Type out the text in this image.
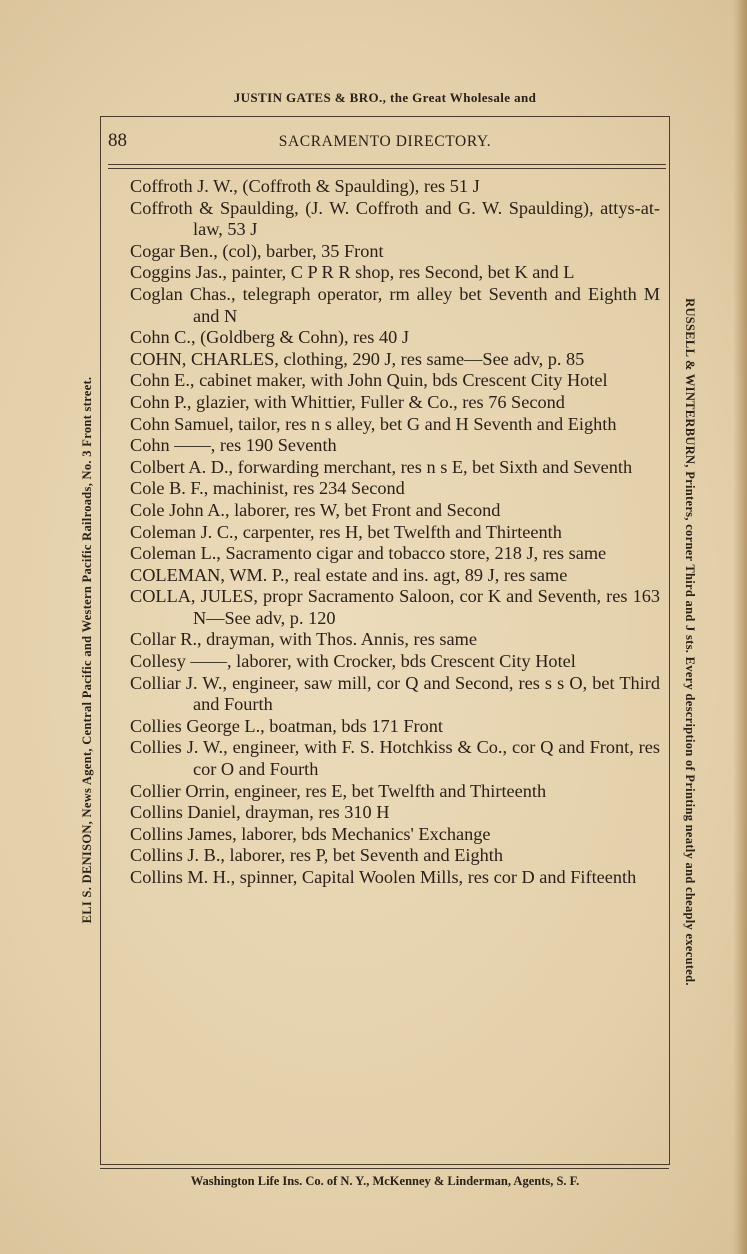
JUSTIN GATES & BRO., the Great Wholesale and
ELI S. DENISON, News Agent, Central Pacific and Western Pacific Railroads, No. 3 Front street.	RUSSELL & WINTERBURN, Printers, corner Third and J sts. Every description of Printing neatly and cheaply executed.
88	SACRAMENTO DIRECTORY.

Coffroth J. W., (Coffroth & Spaulding), res 51 J

Coffroth & Spaulding, (J. W. Coffroth and G. W. Spaulding), attys-at-law, 53 J

Cogar Ben., (col), barber, 35 Front

Coggins Jas., painter, C P R R shop, res Second, bet K and L

Coglan Chas., telegraph operator, rm alley bet Seventh and Eighth M and N

Cohn C., (Goldberg & Cohn), res 40 J

COHN, CHARLES, clothing, 290 J, res same—See adv, p. 85

Cohn E., cabinet maker, with John Quin, bds Crescent City Hotel

Cohn P., glazier, with Whittier, Fuller & Co., res 76 Second

Cohn Samuel, tailor, res n s alley, bet G and H Seventh and Eighth

Cohn ——, res 190 Seventh

Colbert A. D., forwarding merchant, res n s E, bet Sixth and Seventh

Cole B. F., machinist, res 234 Second

Cole John A., laborer, res W, bet Front and Second

Coleman J. C., carpenter, res H, bet Twelfth and Thirteenth

Coleman L., Sacramento cigar and tobacco store, 218 J, res same

COLEMAN, WM. P., real estate and ins. agt, 89 J, res same

COLLA, JULES, propr Sacramento Saloon, cor K and Seventh, res 163 N—See adv, p. 120

Collar R., drayman, with Thos. Annis, res same

Collesy ——, laborer, with Crocker, bds Crescent City Hotel

Colliar J. W., engineer, saw mill, cor Q and Second, res s s O, bet Third and Fourth

Collies George L., boatman, bds 171 Front

Collies J. W., engineer, with F. S. Hotchkiss & Co., cor Q and Front, res cor O and Fourth

Collier Orrin, engineer, res E, bet Twelfth and Thirteenth

Collins Daniel, drayman, res 310 H

Collins James, laborer, bds Mechanics' Exchange

Collins J. B., laborer, res P, bet Seventh and Eighth

Collins M. H., spinner, Capital Woolen Mills, res cor D and Fifteenth

Washington Life Ins. Co. of N. Y., McKenney & Linderman, Agents, S. F.
